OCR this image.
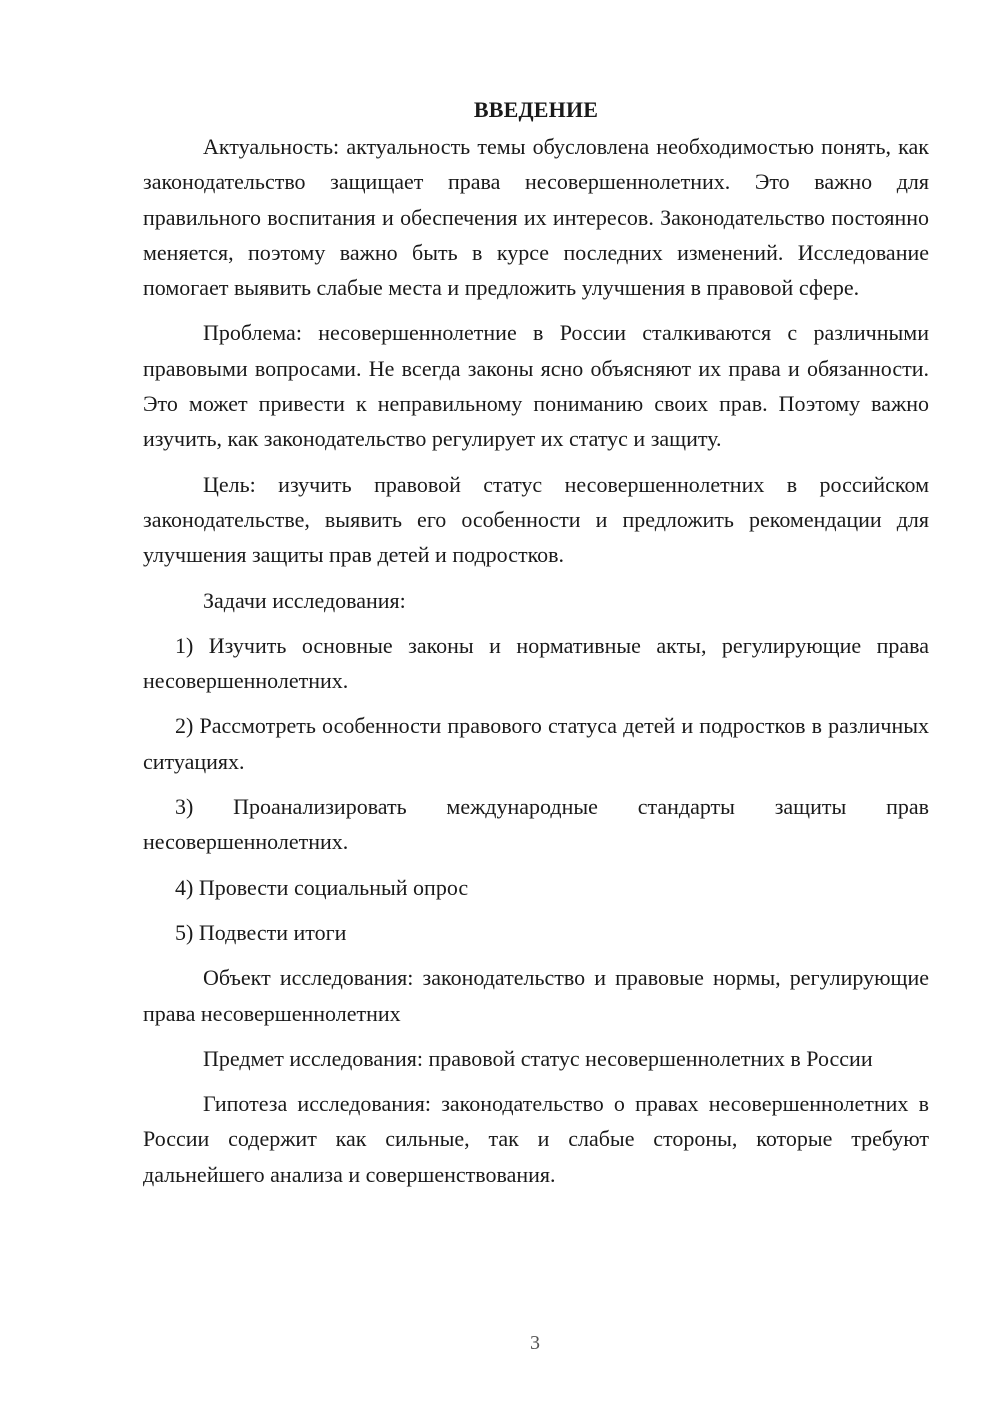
ВВЕДЕНИЕ

Актуальность: актуальность темы обусловлена необходимостью понять, как законодательство защищает права несовершеннолетних. Это важно для правильного воспитания и обеспечения их интересов. Законодательство постоянно меняется, поэтому важно быть в курсе последних изменений. Исследование помогает выявить слабые места и предложить улучшения в правовой сфере.

Проблема: несовершеннолетние в России сталкиваются с различными правовыми вопросами. Не всегда законы ясно объясняют их права и обязанности. Это может привести к неправильному пониманию своих прав. Поэтому важно изучить, как законодательство регулирует их статус и защиту.

Цель: изучить правовой статус несовершеннолетних в российском законодательстве, выявить его особенности и предложить рекомендации для улучшения защиты прав детей и подростков.

Задачи исследования:

1) Изучить основные законы и нормативные акты, регулирующие права несовершеннолетних.

2) Рассмотреть особенности правового статуса детей и подростков в различных ситуациях.

3) Проанализировать международные стандарты защиты прав несовершеннолетних.

4) Провести социальный опрос

5) Подвести итоги

Объект исследования: законодательство и правовые нормы, регулирующие права несовершеннолетних

Предмет исследования: правовой статус несовершеннолетних в России

Гипотеза исследования: законодательство о правах несовершеннолетних в России содержит как сильные, так и слабые стороны, которые требуют дальнейшего анализа и совершенствования.

3
